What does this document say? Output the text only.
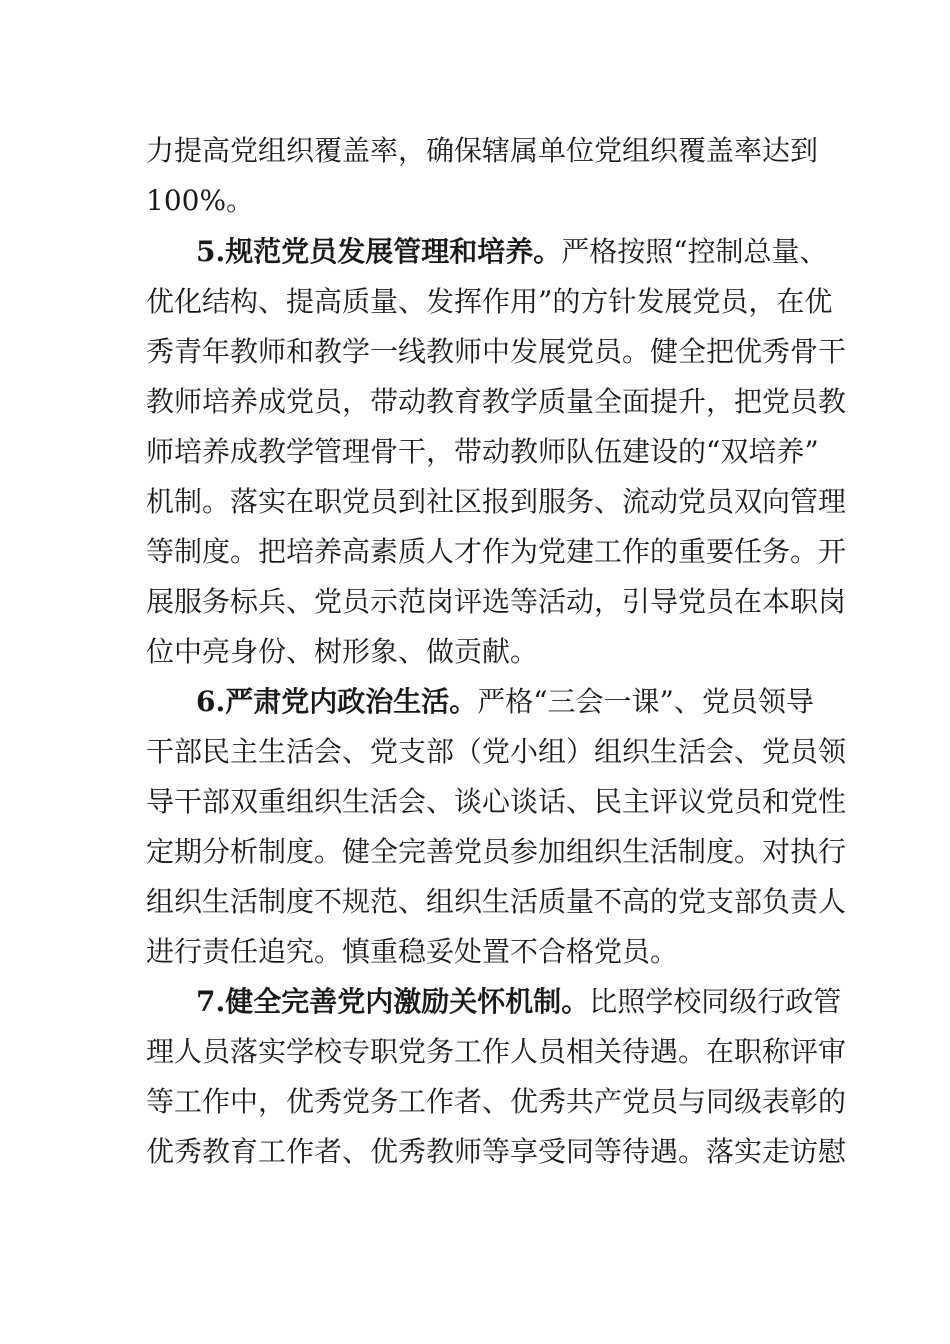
力提高党组织覆盖率，确保辖属单位党组织覆盖率达到
100%。
5.规范党员发展管理和培养。严格按照“控制总量、
优化结构、提高质量、发挥作用”的方针发展党员，在优
秀青年教师和教学一线教师中发展党员。健全把优秀骨干
教师培养成党员，带动教育教学质量全面提升，把党员教
师培养成教学管理骨干，带动教师队伍建设的“双培养”
机制。落实在职党员到社区报到服务、流动党员双向管理
等制度。把培养高素质人才作为党建工作的重要任务。开
展服务标兵、党员示范岗评选等活动，引导党员在本职岗
位中亮身份、树形象、做贡献。
6.严肃党内政治生活。严格“三会一课”、党员领导
干部民主生活会、党支部（党小组）组织生活会、党员领
导干部双重组织生活会、谈心谈话、民主评议党员和党性
定期分析制度。健全完善党员参加组织生活制度。对执行
组织生活制度不规范、组织生活质量不高的党支部负责人
进行责任追究。慎重稳妥处置不合格党员。
7.健全完善党内激励关怀机制。比照学校同级行政管
理人员落实学校专职党务工作人员相关待遇。在职称评审
等工作中，优秀党务工作者、优秀共产党员与同级表彰的
优秀教育工作者、优秀教师等享受同等待遇。落实走访慰
